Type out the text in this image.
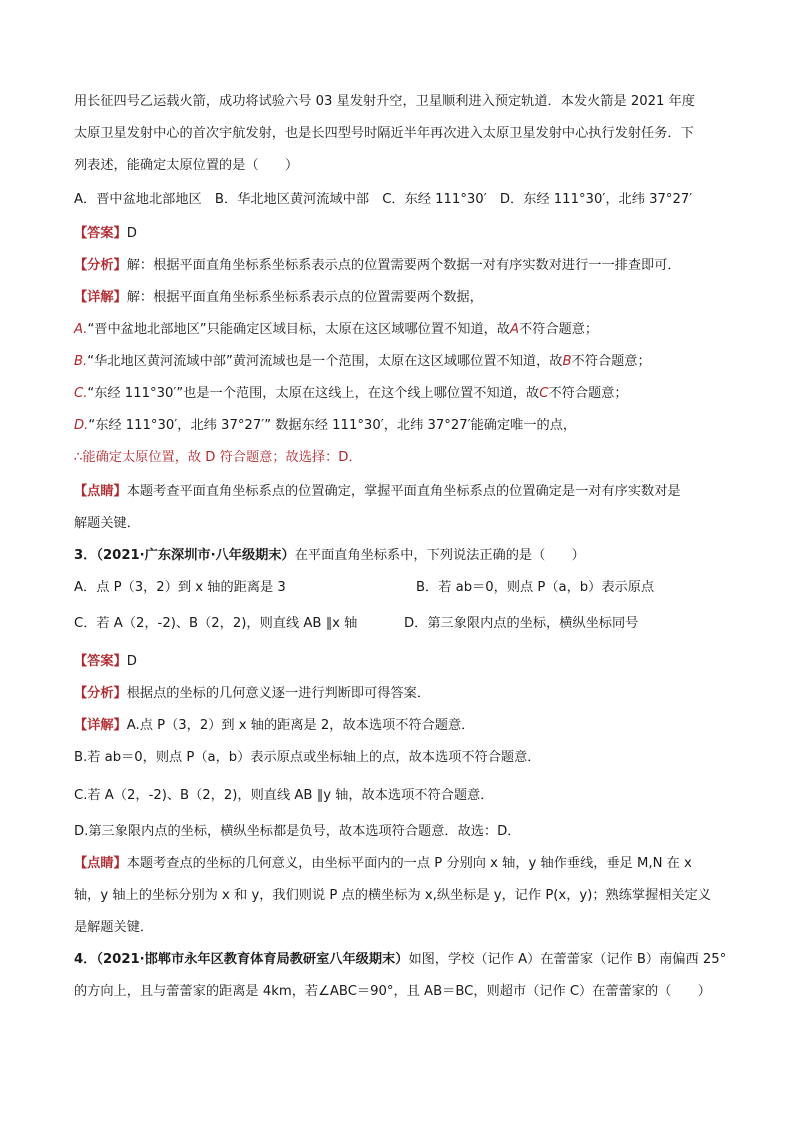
用长征四号乙运载火箭，成功将试验六号 03 星发射升空，卫星顺利进入预定轨道．本发火箭是 2021 年度
太原卫星发射中心的首次宇航发射，也是长四型号时隔近半年再次进入太原卫星发射中心执行发射任务．下
列表述，能确定太原位置的是（　　）
A．晋中盆地北部地区　B．华北地区黄河流域中部　C．东经 111°30′　D．东经 111°30′，北纬 37°27′
【答案】D
【分析】解：根据平面直角坐标系坐标系表示点的位置需要两个数据一对有序实数对进行一一排查即可．
【详解】解：根据平面直角坐标系坐标系表示点的位置需要两个数据，
A.“晋中盆地北部地区”只能确定区域目标，太原在这区域哪位置不知道，故A不符合题意；
B.“华北地区黄河流域中部”黄河流域也是一个范围，太原在这区域哪位置不知道，故B不符合题意；
C.“东经 111°30′”也是一个范围，太原在这线上，在这个线上哪位置不知道，故C不符合题意；
D.“东经 111°30′，北纬 37°27′” 数据东经 111°30′，北纬 37°27′能确定唯一的点，
∴能确定太原位置，故 D 符合题意；故选择：D．
【点睛】本题考查平面直角坐标系点的位置确定，掌握平面直角坐标系点的位置确定是一对有序实数对是
解题关键．
3．（2021·广东深圳市·八年级期末）在平面直角坐标系中，下列说法正确的是（　　）
A．点 P（3，2）到 x 轴的距离是 3	B．若 ab＝0，则点 P（a，b）表示原点
C．若 A（2，-2)、B（2，2)，则直线 AB ∥x 轴	D．第三象限内点的坐标，横纵坐标同号
【答案】D
【分析】根据点的坐标的几何意义逐一进行判断即可得答案．
【详解】A.点 P（3，2）到 x 轴的距离是 2，故本选项不符合题意．
B.若 ab＝0，则点 P（a，b）表示原点或坐标轴上的点，故本选项不符合题意．
C.若 A（2，-2)、B（2，2)，则直线 AB ∥y 轴，故本选项不符合题意．
D.第三象限内点的坐标，横纵坐标都是负号，故本选项符合题意．故选：D．
【点睛】本题考查点的坐标的几何意义，由坐标平面内的一点 P 分别向 x 轴，y 轴作垂线，垂足 M,N 在 x
轴，y 轴上的坐标分别为 x 和 y，我们则说 P 点的横坐标为 x,纵坐标是 y，记作 P(x，y)；熟练掌握相关定义
是解题关键．
4．（2021·邯郸市永年区教育体育局教研室八年级期末）如图，学校（记作 A）在蕾蕾家（记作 B）南偏西 25°
的方向上，且与蕾蕾家的距离是 4km，若∠ABC＝90°，且 AB＝BC，则超市（记作 C）在蕾蕾家的（　　）
